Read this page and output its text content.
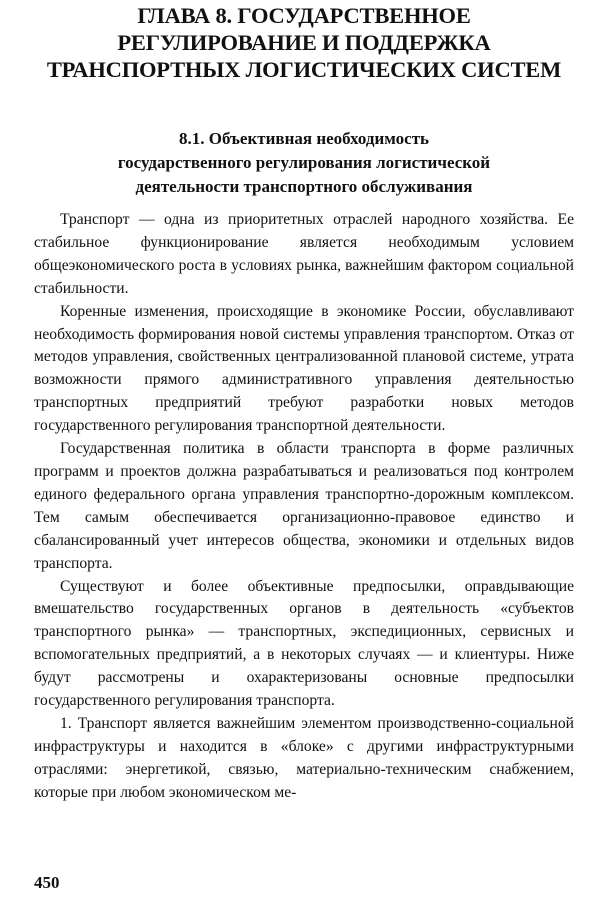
ГЛАВА 8. ГОСУДАРСТВЕННОЕ
РЕГУЛИРОВАНИЕ И ПОДДЕРЖКА
ТРАНСПОРТНЫХ ЛОГИСТИЧЕСКИХ СИСТЕМ
8.1. Объективная необходимость
государственного регулирования логистической
деятельности транспортного обслуживания

Транспорт — одна из приоритетных отраслей народного хозяйства. Ее стабильное функционирование является необходимым условием общеэкономического роста в условиях рынка, важнейшим фактором социальной стабильности.

Коренные изменения, происходящие в экономике России, обуславливают необходимость формирования новой системы управления транспортом. Отказ от методов управления, свойственных централизованной плановой системе, утрата возможности прямого административного управления деятельностью транспортных предприятий требуют разработки новых методов государственного регулирования транспортной деятельности.

Государственная политика в области транспорта в форме различных программ и проектов должна разрабатываться и реализоваться под контролем единого федерального органа управления транспортно-дорожным комплексом. Тем самым обеспечивается организационно-правовое единство и сбалансированный учет интересов общества, экономики и отдельных видов транспорта.

Существуют и более объективные предпосылки, оправдывающие вмешательство государственных органов в деятельность «субъектов транспортного рынка» — транспортных, экспедиционных, сервисных и вспомогательных предприятий, а в некоторых случаях — и клиентуры. Ниже будут рассмотрены и охарактеризованы основные предпосылки государственного регулирования транспорта.

1. Транспорт является важнейшим элементом производственно-социальной инфраструктуры и находится в «блоке» с другими инфраструктурными отраслями: энергетикой, связью, материально-техническим снабжением, которые при любом экономическом ме-

450
